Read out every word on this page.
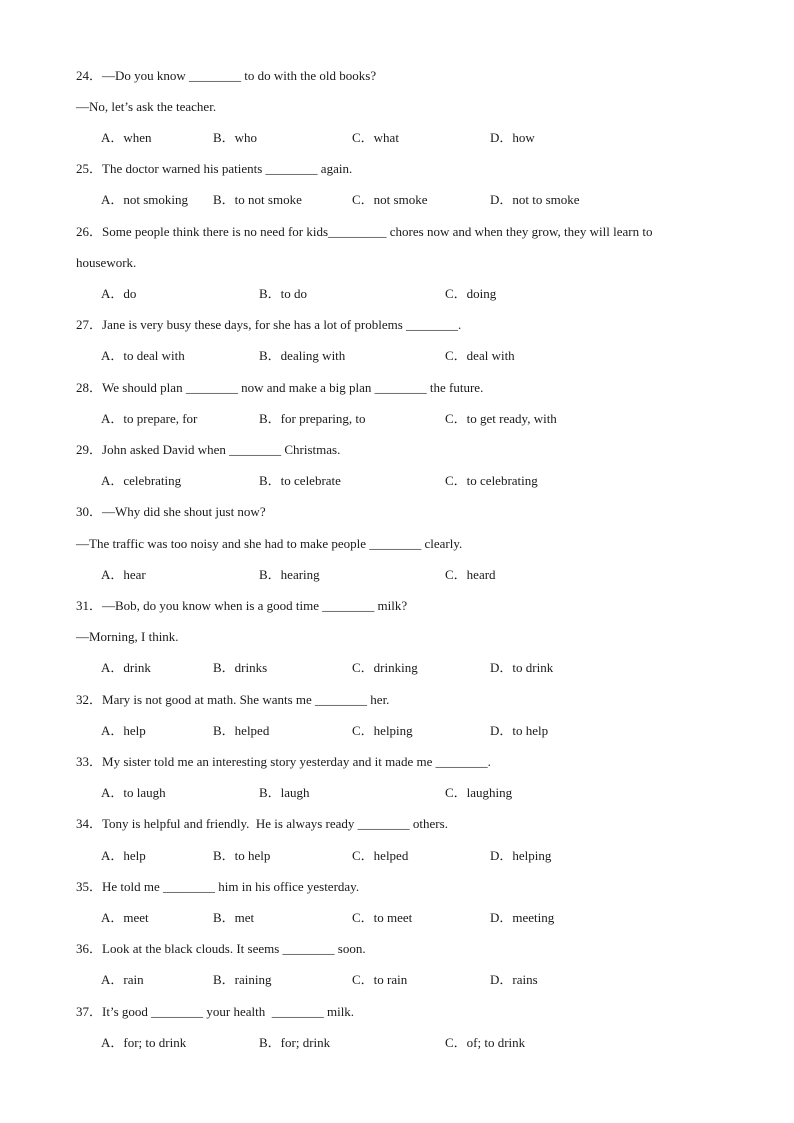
24．—Do you know ________ to do with the old books?
—No, let’s ask the teacher.
A．when	B．who	C．what	D．how
25．The doctor warned his patients ________ again.
A．not smoking B．to not smoke	C．not smoke	D．not to smoke
26．Some people think there is no need for kids_________ chores now and when they grow, they will learn to
housework.
A．do	B．to do	C．doing
27．Jane is very busy these days, for she has a lot of problems ________.
A．to deal with	B．dealing with	C．deal with
28．We should plan ________ now and make a big plan ________ the future.
A．to prepare, for	B．for preparing, to	C．to get ready, with
29．John asked David when ________ Christmas.
A．celebrating	B．to celebrate	C．to celebrating
30．—Why did she shout just now?
—The traffic was too noisy and she had to make people ________ clearly.
A．hear	B．hearing	C．heard
31．—Bob, do you know when is a good time ________ milk?
—Morning, I think.
A．drink	B．drinks	C．drinking	D．to drink
32．Mary is not good at math. She wants me ________ her.
A．help	B．helped	C．helping	D．to help
33．My sister told me an interesting story yesterday and it made me ________.
A．to laugh	B．laugh	C．laughing
34．Tony is helpful and friendly.  He is always ready ________ others.
A．help	B．to help	C．helped	D．helping
35．He told me ________ him in his office yesterday.
A．meet	B．met	C．to meet	D．meeting
36．Look at the black clouds. It seems ________ soon.
A．rain	B．raining	C．to rain	D．rains
37．It’s good ________ your health  ________ milk.
A．for; to drink	B．for; drink	C．of; to drink
